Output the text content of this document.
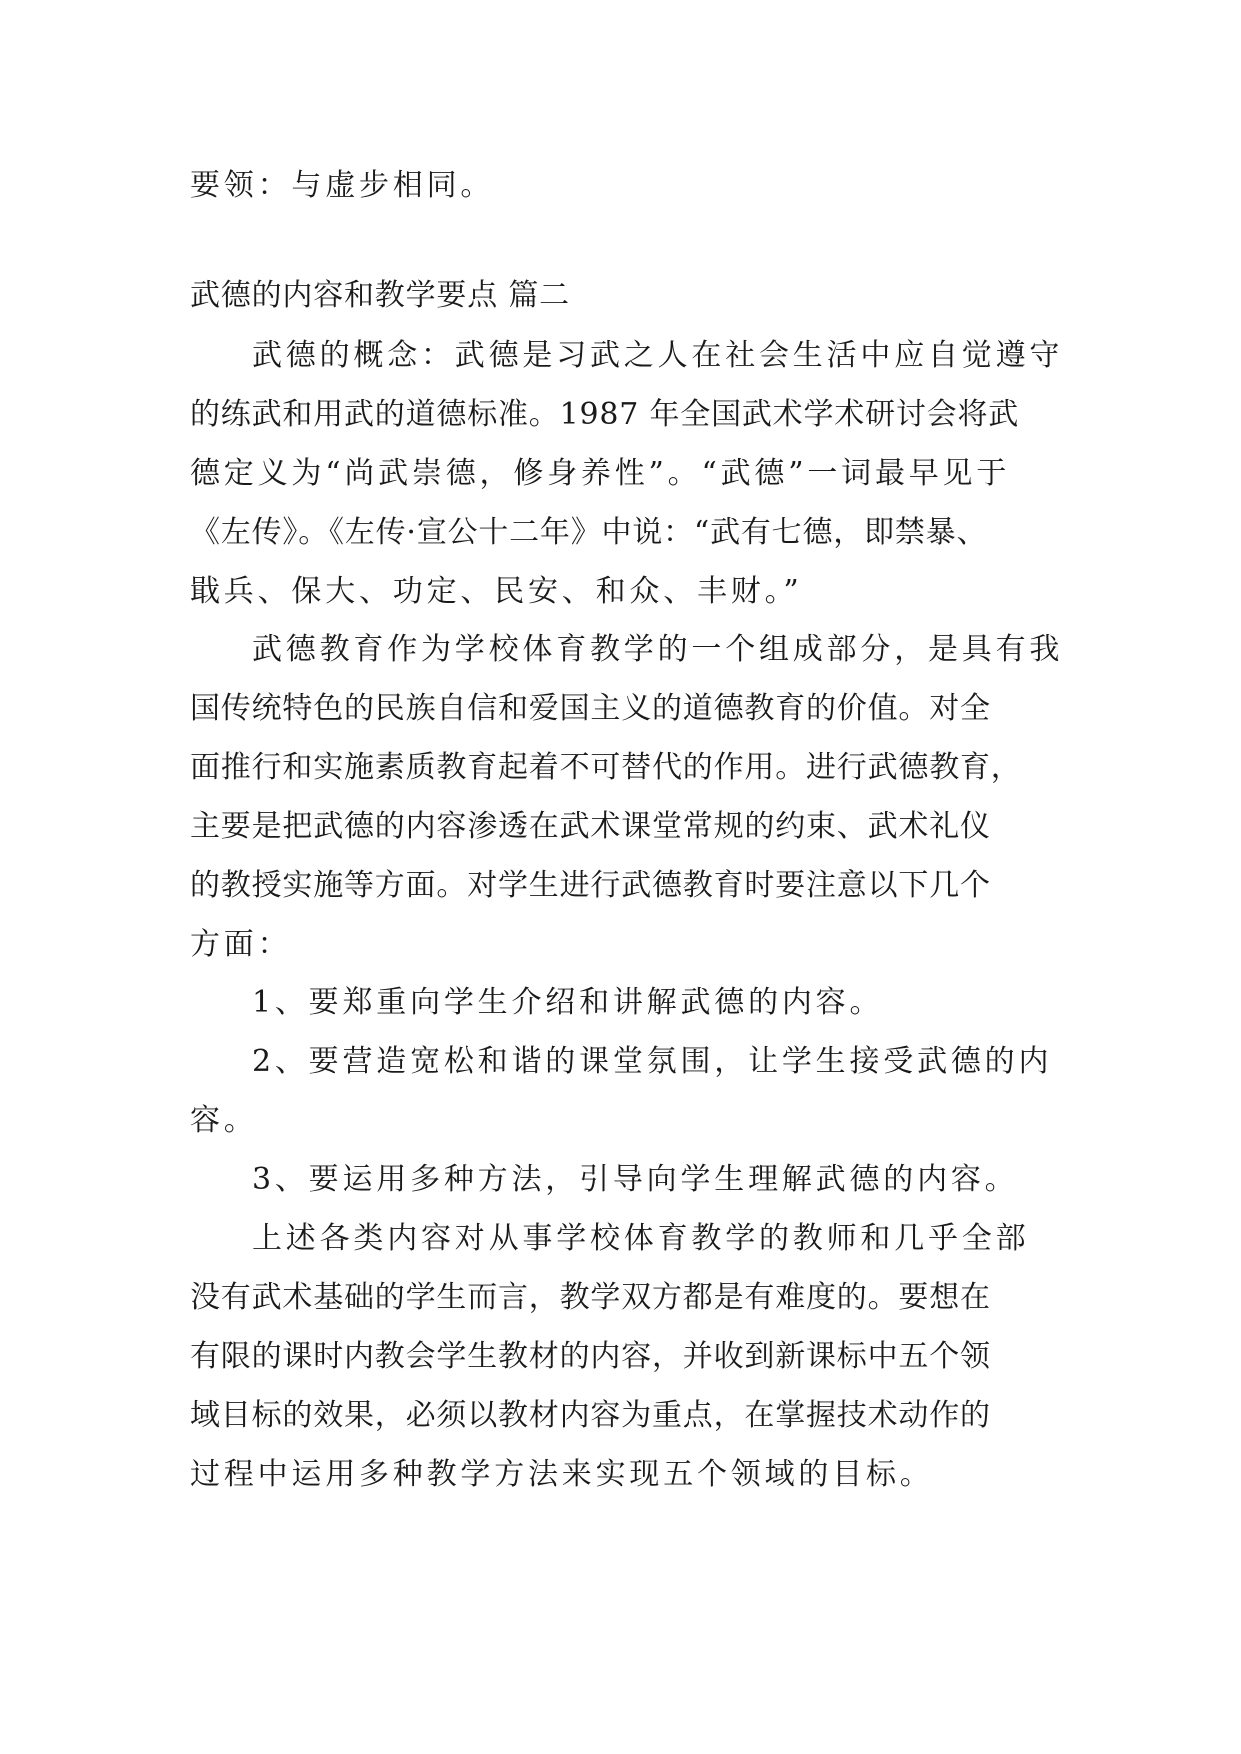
要领：与虚步相同。
武德的内容和教学要点 篇二
武德的概念：武德是习武之人在社会生活中应自觉遵守
的练武和用武的道德标准。1987 年全国武术学术研讨会将武
德定义为“尚武崇德，修身养性”。“武德”一词最早见于
《左传》。《左传·宣公十二年》中说：“武有七德，即禁暴、
戢兵、保大、功定、民安、和众、丰财。”
武德教育作为学校体育教学的一个组成部分，是具有我
国传统特色的民族自信和爱国主义的道德教育的价值。对全
面推行和实施素质教育起着不可替代的作用。进行武德教育，
主要是把武德的内容渗透在武术课堂常规的约束、武术礼仪
的教授实施等方面。对学生进行武德教育时要注意以下几个
方面：
1、要郑重向学生介绍和讲解武德的内容。
2、要营造宽松和谐的课堂氛围，让学生接受武德的内
容。
3、要运用多种方法，引导向学生理解武德的内容。
上述各类内容对从事学校体育教学的教师和几乎全部
没有武术基础的学生而言，教学双方都是有难度的。要想在
有限的课时内教会学生教材的内容，并收到新课标中五个领
域目标的效果，必须以教材内容为重点，在掌握技术动作的
过程中运用多种教学方法来实现五个领域的目标。
